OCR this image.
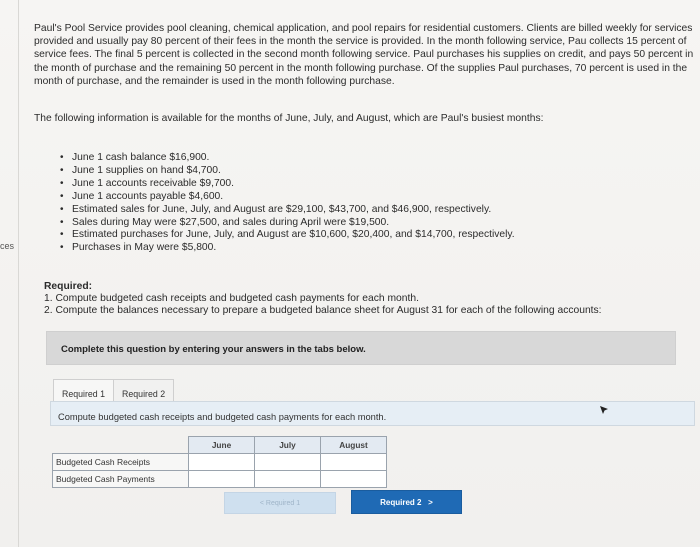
ces

Paul's Pool Service provides pool cleaning, chemical application, and pool repairs for residential customers. Clients are billed weekly for services provided and usually pay 80 percent of their fees in the month the service is provided. In the month following service, Pau collects 15 percent of service fees. The final 5 percent is collected in the second month following service. Paul purchases his supplies on credit, and pays 50 percent in the month of purchase and the remaining 50 percent in the month following purchase. Of the supplies Paul purchases, 70 percent is used in the month of purchase, and the remainder is used in the month following purchase.

The following information is available for the months of June, July, and August, which are Paul's busiest months:

• June 1 cash balance $16,900.
• June 1 supplies on hand $4,700.
• June 1 accounts receivable $9,700.
• June 1 accounts payable $4,600.
• Estimated sales for June, July, and August are $29,100, $43,700, and $46,900, respectively.
• Sales during May were $27,500, and sales during April were $19,500.
• Estimated purchases for June, July, and August are $10,600, $20,400, and $14,700, respectively.
• Purchases in May were $5,800.
Required:
1. Compute budgeted cash receipts and budgeted cash payments for each month.
2. Compute the balances necessary to prepare a budgeted balance sheet for August 31 for each of the following accounts:
Complete this question by entering your answers in the tabs below.
Required 1	Required 2
Compute budgeted cash receipts and budgeted cash payments for each month.
	June	July	August
Budgeted Cash Receipts			
Budgeted Cash Payments			
< Required 1	Required 2   >
